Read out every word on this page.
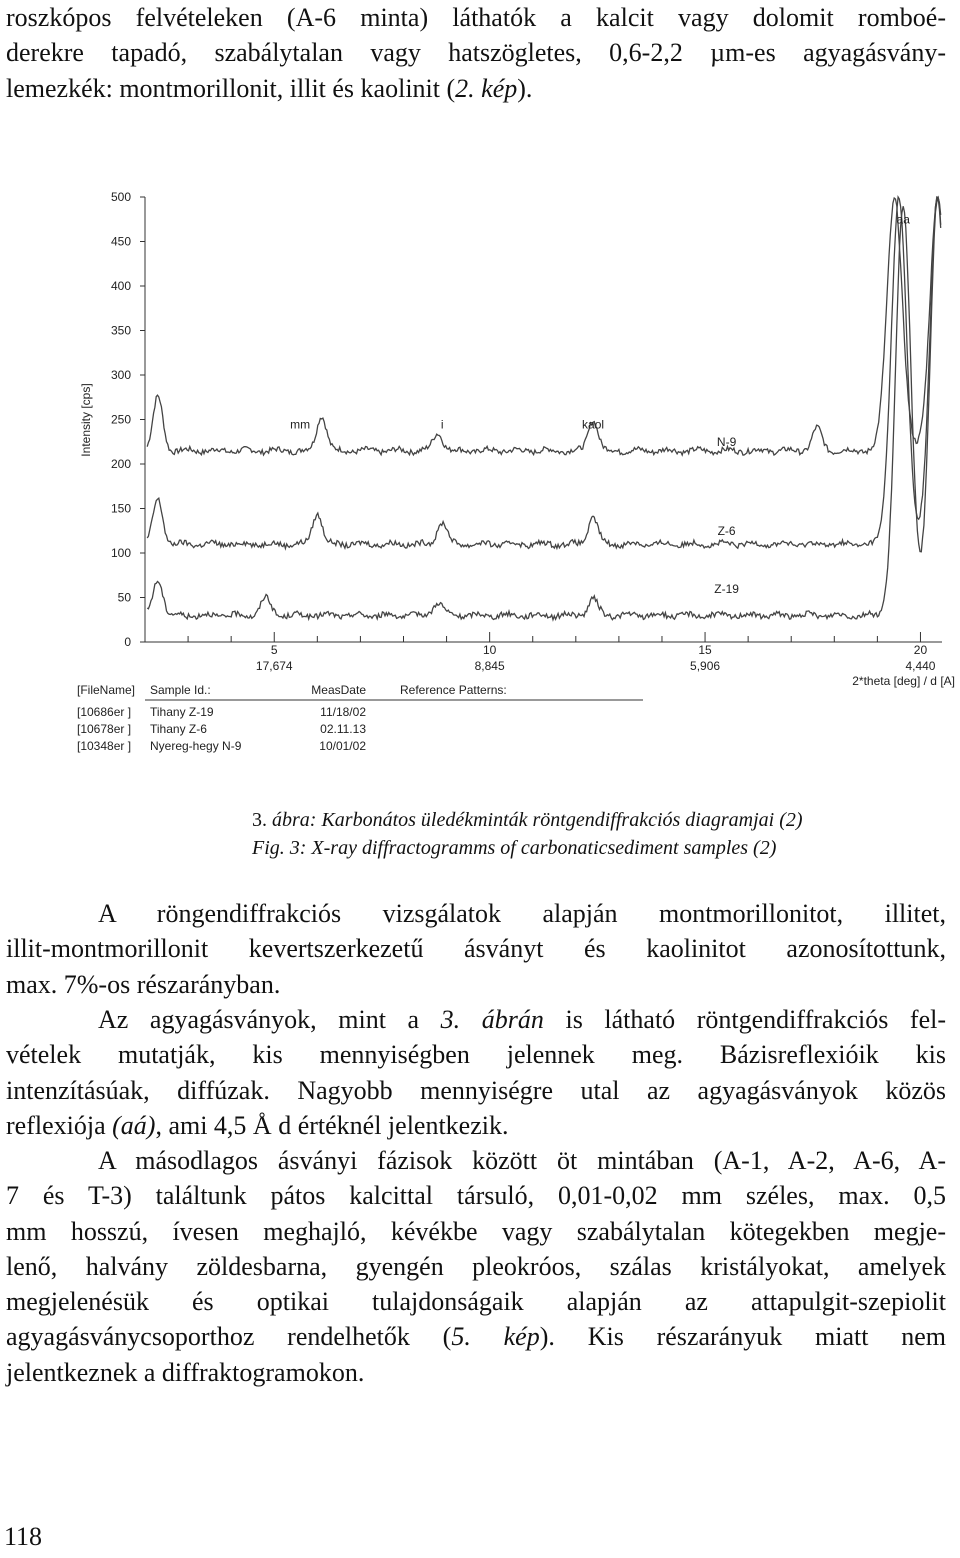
roszkópos felvételeken (A-6 minta) láthatók a kalcit vagy dolomit romboé-
derekre tapadó, szabálytalan vagy hatszögletes, 0,6-2,2 µm-es agyagásvány-
lemezkék: montmorillonit, illit és kaolinit (2. kép).
0
50
100
150
200
250
300
350
400
450
500
5
17,674
10
8,845
15
5,906
20
4,440
Intensity [cps]
2*theta [deg] / d [A]
mm	i	kaol
aa
N-9
Z-6
Z-19
[FileName] Sample Id.:	MeasDate	Reference Patterns:
[10686er ] Tihany Z-19	11/18/02
[10678er ] Tihany Z-6	02.11.13
[10348er ] Nyereg-hegy N-9	10/01/02
3. ábra: Karbonátos üledékminták röntgendiffrakciós diagramjai (2)
Fig. 3: X-ray diffractogramms of carbonaticsediment samples (2)
A röngendiffrakciós vizsgálatok alapján montmorillonitot, illitet,
illit-montmorillonit kevertszerkezetű ásványt és kaolinitot azonosítottunk,
max. 7%-os részarányban.
Az agyagásványok, mint a 3. ábrán is látható röntgendiffrakciós fel-
vételek mutatják, kis mennyiségben jelennek meg. Bázisreflexióik kis
intenzításúak, diffúzak. Nagyobb mennyiségre utal az agyagásványok közös
reflexiója (aá), ami 4,5 Å d értéknél jelentkezik.
A másodlagos ásványi fázisok között öt mintában (A-1, A-2, A-6, A-
7 és T-3) találtunk pátos kalcittal társuló, 0,01-0,02 mm széles, max. 0,5
mm hosszú, ívesen meghajló, kévékbe vagy szabálytalan kötegekben megje-
lenő, halvány zöldesbarna, gyengén pleokróos, szálas kristályokat, amelyek
megjelenésük és optikai tulajdonságaik alapján az attapulgit-szepiolit
agyagásványcsoporthoz rendelhetők (5. kép). Kis részarányuk miatt nem
jelentkeznek a diffraktogramokon.
118
